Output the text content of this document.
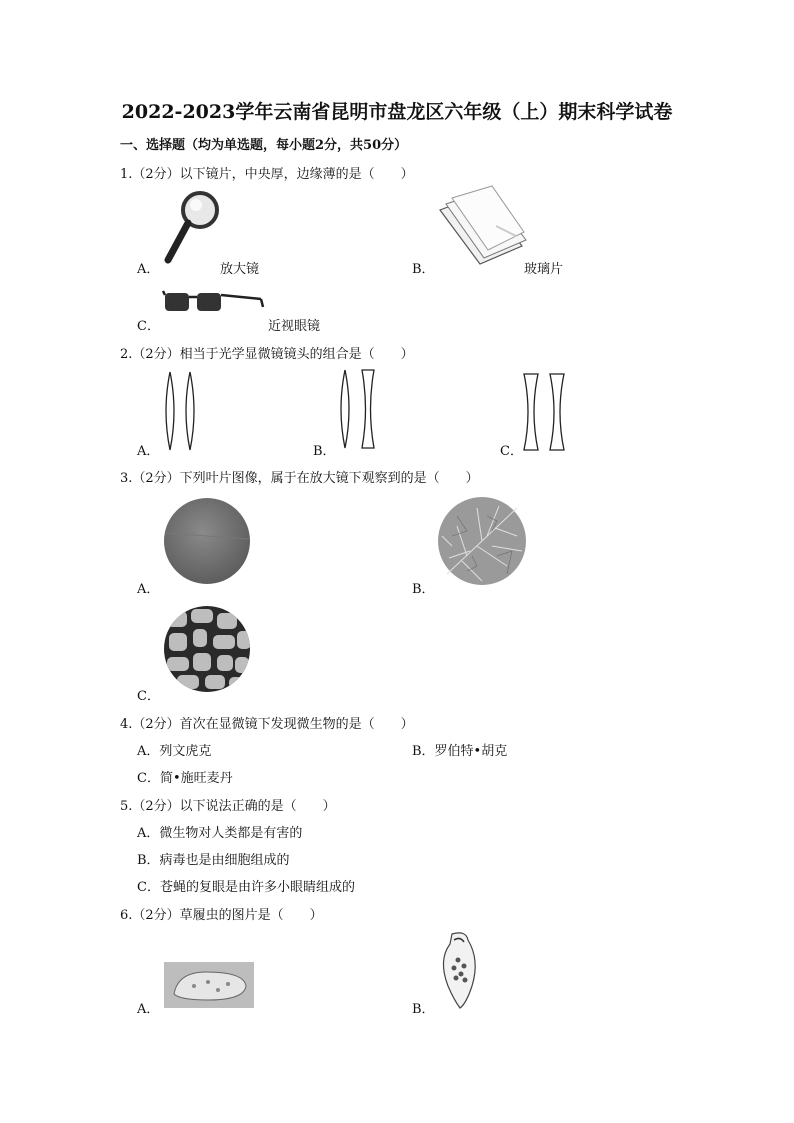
2022-2023学年云南省昆明市盘龙区六年级（上）期末科学试卷
一、选择题（均为单选题，每小题2分，共50分）
1.（2分）以下镜片，中央厚，边缘薄的是（　　）
A．	放大镜	B．	玻璃片
C．	近视眼镜
2.（2分）相当于光学显微镜镜头的组合是（　　）
A．	B．	C．
3.（2分）下列叶片图像，属于在放大镜下观察到的是（　　）
A．	B．
C．
4.（2分）首次在显微镜下发现微生物的是（　　）
A．列文虎克	B．罗伯特•胡克
C．简•施旺麦丹
5.（2分）以下说法正确的是（　　）
A．微生物对人类都是有害的
B．病毒也是由细胞组成的
C．苍蝇的复眼是由许多小眼睛组成的
6.（2分）草履虫的图片是（　　）
A．	B．
